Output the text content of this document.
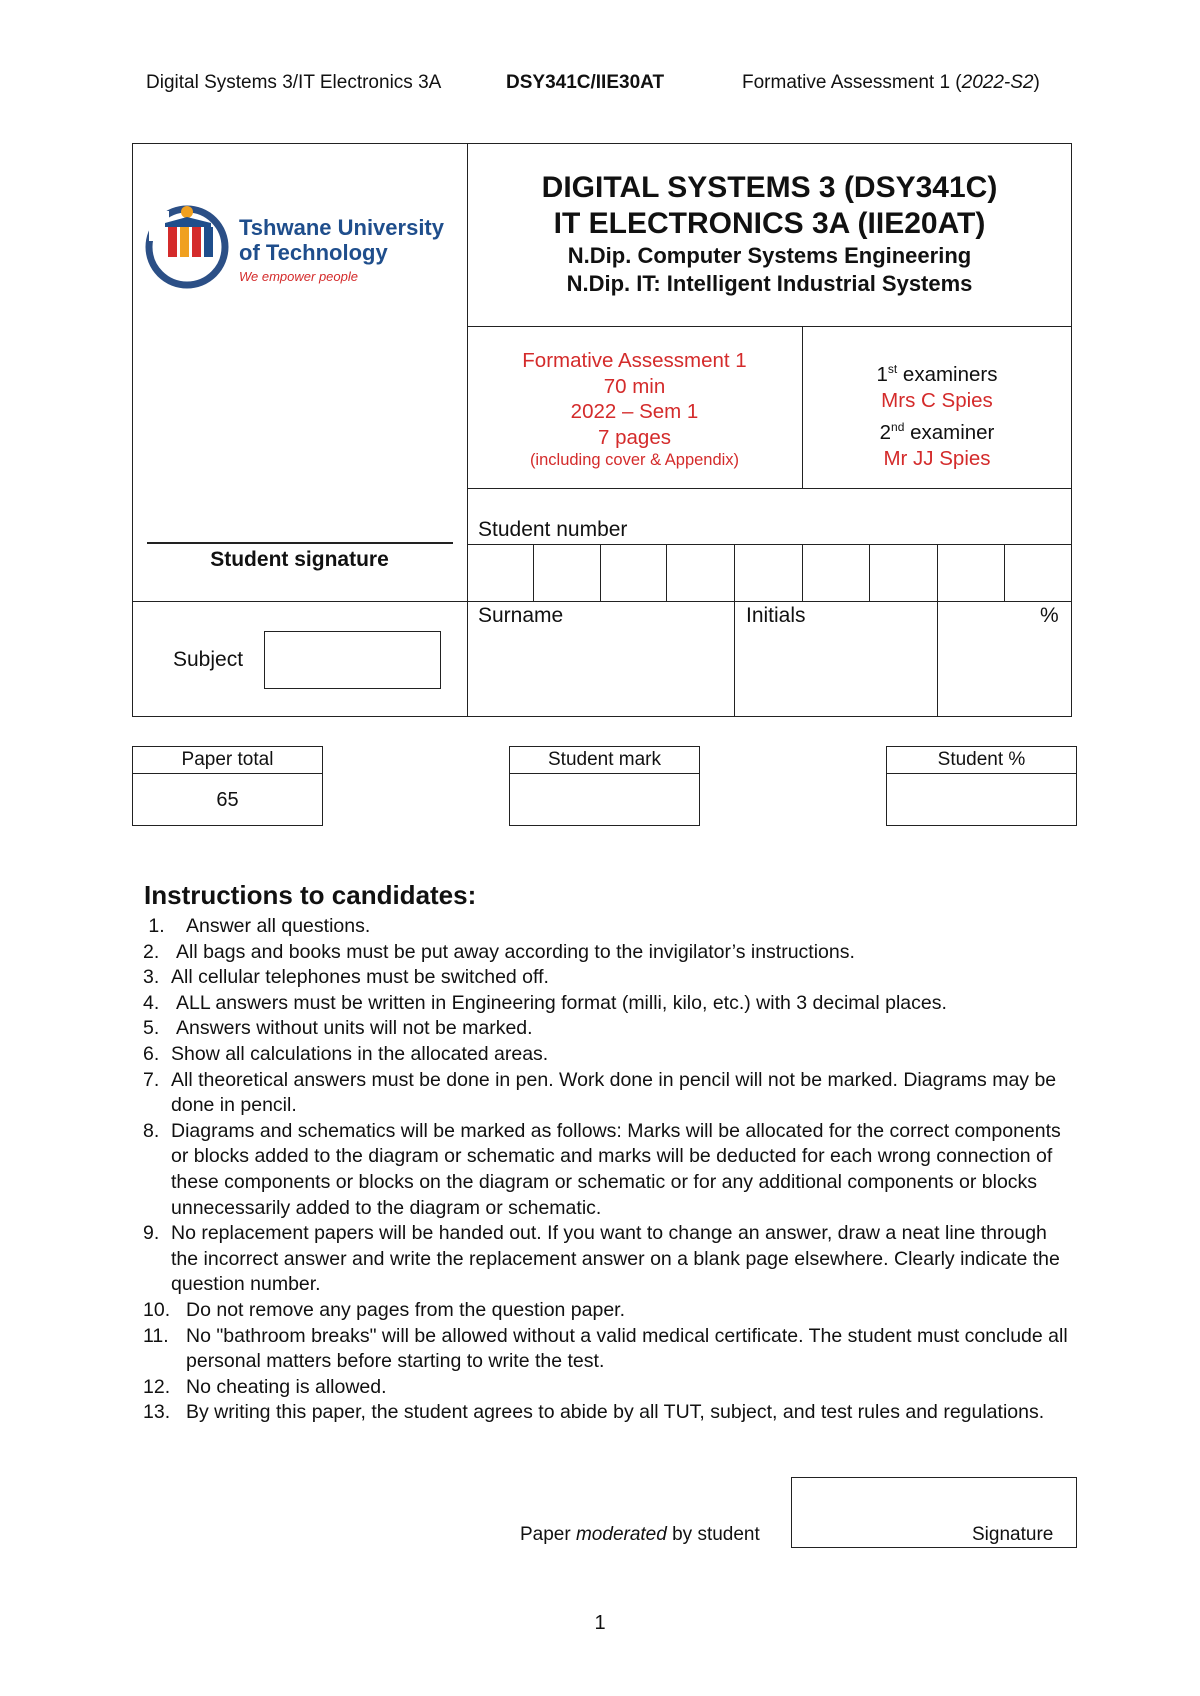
Digital Systems 3/IT Electronics 3A	DSY341C/IIE30AT	Formative Assessment 1 (2022-S2)
Tshwane University
of Technology
We empower people
DIGITAL SYSTEMS 3 (DSY341C)
IT ELECTRONICS 3A (IIE20AT)
N.Dip. Computer Systems Engineering
N.Dip. IT: Intelligent Industrial Systems
Formative Assessment 1
70 min
2022 – Sem 1
7 pages
(including cover & Appendix)
1st examiners
Mrs C Spies
2nd examiner
Mr JJ Spies
Student signature
Student number
Subject
Surname	Initials	%
Paper total
65
Student mark	Student %
Instructions to candidates:
1. Answer all questions.
2. All bags and books must be put away according to the invigilator’s instructions.
3. All cellular telephones must be switched off.
4. ALL answers must be written in Engineering format (milli, kilo, etc.) with 3 decimal places.
5. Answers without units will not be marked.
6. Show all calculations in the allocated areas.
7. All theoretical answers must be done in pen. Work done in pencil will not be marked. Diagrams may be done in pencil.
8. Diagrams and schematics will be marked as follows: Marks will be allocated for the correct components or blocks added to the diagram or schematic and marks will be deducted for each wrong connection of these components or blocks on the diagram or schematic or for any additional components or blocks unnecessarily added to the diagram or schematic.
9. No replacement papers will be handed out. If you want to change an answer, draw a neat line through the incorrect answer and write the replacement answer on a blank page elsewhere. Clearly indicate the question number.
10. Do not remove any pages from the question paper.
11. No "bathroom breaks" will be allowed without a valid medical certificate. The student must conclude all personal matters before starting to write the test.
12. No cheating is allowed.
13. By writing this paper, the student agrees to abide by all TUT, subject, and test rules and regulations.
Paper moderated by student	Signature
1
